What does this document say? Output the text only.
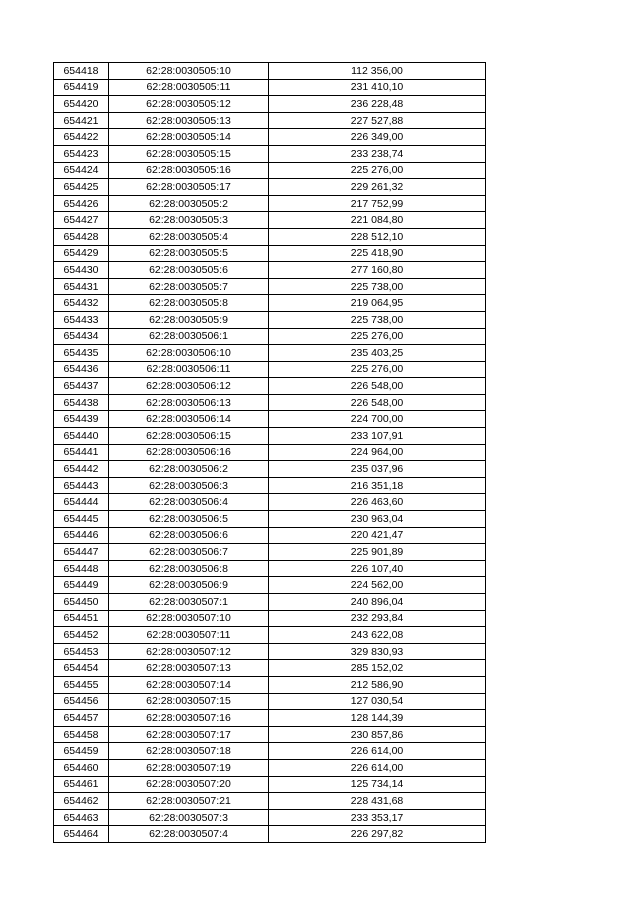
654418	62:28:0030505:10	112 356,00
654419	62:28:0030505:11	231 410,10
654420	62:28:0030505:12	236 228,48
654421	62:28:0030505:13	227 527,88
654422	62:28:0030505:14	226 349,00
654423	62:28:0030505:15	233 238,74
654424	62:28:0030505:16	225 276,00
654425	62:28:0030505:17	229 261,32
654426	62:28:0030505:2	217 752,99
654427	62:28:0030505:3	221 084,80
654428	62:28:0030505:4	228 512,10
654429	62:28:0030505:5	225 418,90
654430	62:28:0030505:6	277 160,80
654431	62:28:0030505:7	225 738,00
654432	62:28:0030505:8	219 064,95
654433	62:28:0030505:9	225 738,00
654434	62:28:0030506:1	225 276,00
654435	62:28:0030506:10	235 403,25
654436	62:28:0030506:11	225 276,00
654437	62:28:0030506:12	226 548,00
654438	62:28:0030506:13	226 548,00
654439	62:28:0030506:14	224 700,00
654440	62:28:0030506:15	233 107,91
654441	62:28:0030506:16	224 964,00
654442	62:28:0030506:2	235 037,96
654443	62:28:0030506:3	216 351,18
654444	62:28:0030506:4	226 463,60
654445	62:28:0030506:5	230 963,04
654446	62:28:0030506:6	220 421,47
654447	62:28:0030506:7	225 901,89
654448	62:28:0030506:8	226 107,40
654449	62:28:0030506:9	224 562,00
654450	62:28:0030507:1	240 896,04
654451	62:28:0030507:10	232 293,84
654452	62:28:0030507:11	243 622,08
654453	62:28:0030507:12	329 830,93
654454	62:28:0030507:13	285 152,02
654455	62:28:0030507:14	212 586,90
654456	62:28:0030507:15	127 030,54
654457	62:28:0030507:16	128 144,39
654458	62:28:0030507:17	230 857,86
654459	62:28:0030507:18	226 614,00
654460	62:28:0030507:19	226 614,00
654461	62:28:0030507:20	125 734,14
654462	62:28:0030507:21	228 431,68
654463	62:28:0030507:3	233 353,17
654464	62:28:0030507:4	226 297,82
